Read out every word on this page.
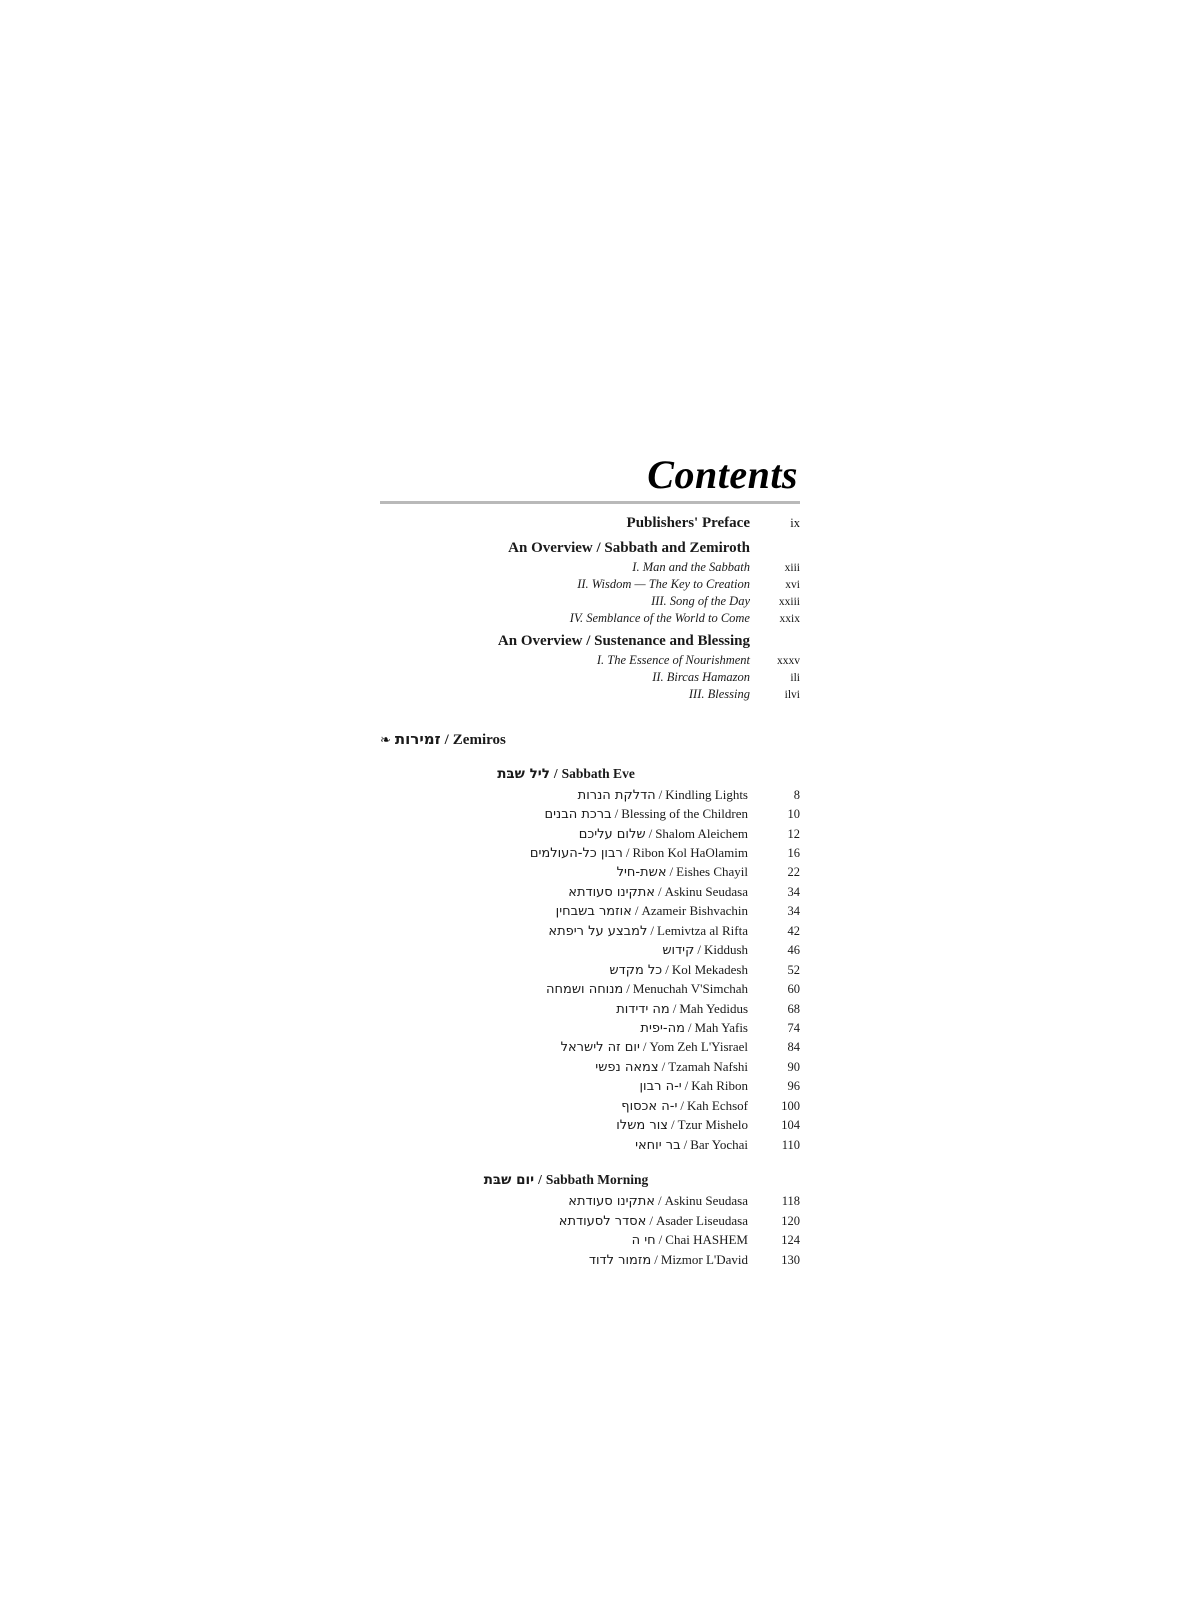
Contents
Publishers' Preface	ix
An Overview / Sabbath and Zemiroth
I. Man and the Sabbath	xiii
II. Wisdom — The Key to Creation	xvi
III. Song of the Day	xxiii
IV. Semblance of the World to Come	xxix
An Overview / Sustenance and Blessing
I. The Essence of Nourishment	xxxv
II. Bircas Hamazon	ili
III. Blessing	ilvi
❧ זמירות / Zemiros
ליל שבּת / Sabbath Eve
הדלקת הנרות / Kindling Lights	8
ברכת הבנים / Blessing of the Children	10
שלום עליכם / Shalom Aleichem	12
רבון כל-העולמים / Ribon Kol HaOlamim	16
אשת-חיל / Eishes Chayil	22
אתקינו סעודתא / Askinu Seudasa	34
אוזמר בשבחין / Azameir Bishvachin	34
למבצע על ריפתא / Lemivtza al Rifta	42
קידוש / Kiddush	46
כל מקדש / Kol Mekadesh	52
מנוחה ושמחה / Menuchah V'Simchah	60
מה ידידות / Mah Yedidus	68
מה-יפית / Mah Yafis	74
יום זה לישראל / Yom Zeh L'Yisrael	84
צמאה נפשי / Tzamah Nafshi	90
י-ה רבון / Kah Ribon	96
י-ה אכסוף / Kah Echsof	100
צור משלו / Tzur Mishelo	104
בר יוחאי / Bar Yochai	110
יום שבּת / Sabbath Morning
אתקינו סעודתא / Askinu Seudasa	118
אסדר לסעודתא / Asader Liseudasa	120
חי ה / Chai HASHEM	124
מזמור לדוד / Mizmor L'David	130
